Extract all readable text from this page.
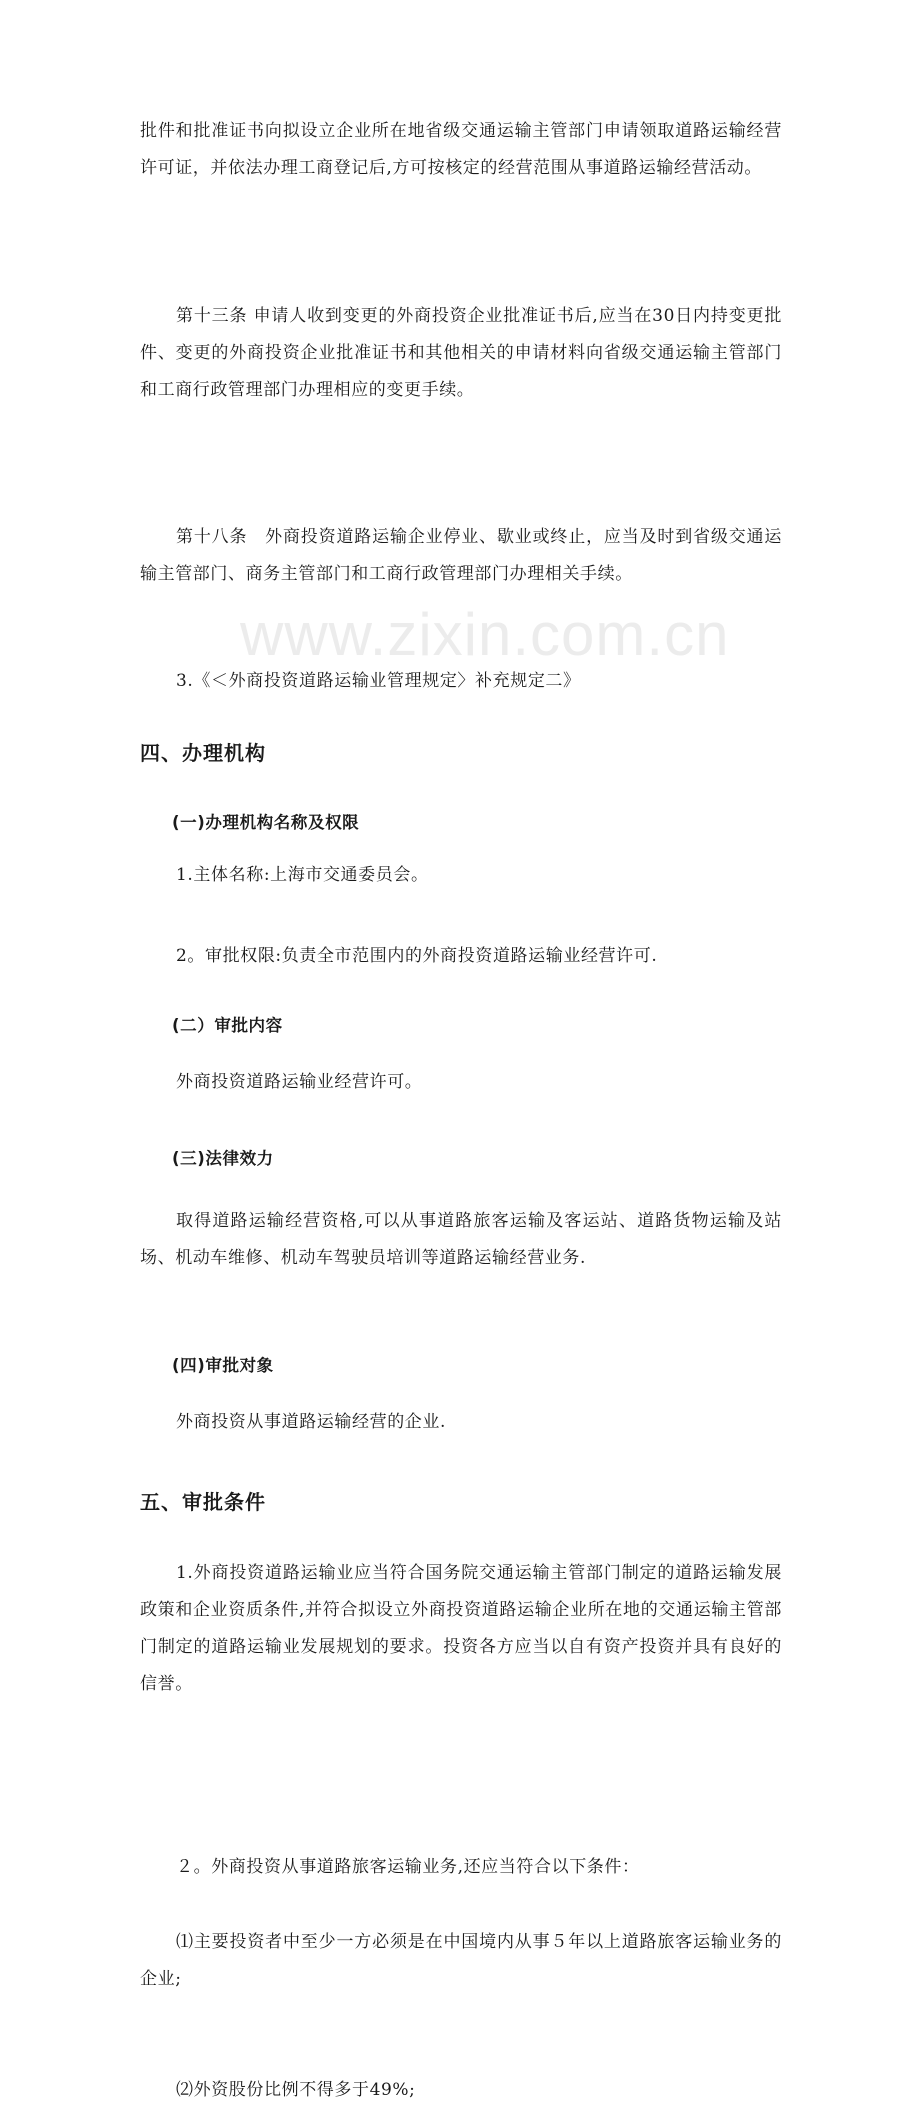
www.zixin.com.cn

批件和批准证书向拟设立企业所在地省级交通运输主管部门申请领取道路运输经营许可证，并依法办理工商登记后,方可按核定的经营范围从事道路运输经营活动。

第十三条 申请人收到变更的外商投资企业批准证书后,应当在30日内持变更批件、变更的外商投资企业批准证书和其他相关的申请材料向省级交通运输主管部门和工商行政管理部门办理相应的变更手续。

第十八条　外商投资道路运输企业停业、歇业或终止，应当及时到省级交通运输主管部门、商务主管部门和工商行政管理部门办理相关手续。

3.《＜外商投资道路运输业管理规定〉补充规定二》

四、办理机构
(一)办理机构名称及权限

1.主体名称:上海市交通委员会。

2。审批权限:负责全市范围内的外商投资道路运输业经营许可.

(二）审批内容

外商投资道路运输业经营许可。

(三)法律效力

取得道路运输经营资格,可以从事道路旅客运输及客运站、道路货物运输及站场、机动车维修、机动车驾驶员培训等道路运输经营业务.

(四)审批对象

外商投资从事道路运输经营的企业.

五、审批条件

1.外商投资道路运输业应当符合国务院交通运输主管部门制定的道路运输发展政策和企业资质条件,并符合拟设立外商投资道路运输企业所在地的交通运输主管部门制定的道路运输业发展规划的要求。投资各方应当以自有资产投资并具有良好的信誉。

２。外商投资从事道路旅客运输业务,还应当符合以下条件：

⑴主要投资者中至少一方必须是在中国境内从事５年以上道路旅客运输业务的企业;

⑵外资股份比例不得多于49%;
